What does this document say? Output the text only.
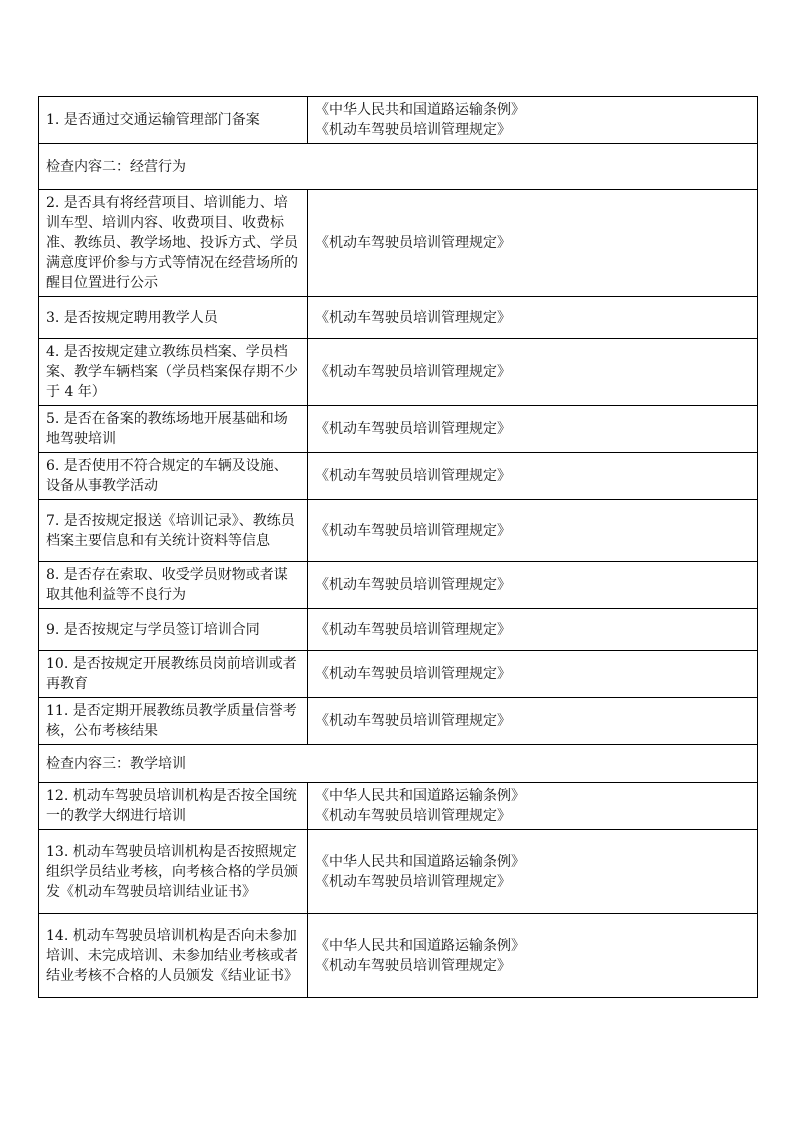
1. 是否通过交通运输管理部门备案	《中华人民共和国道路运输条例》
《机动车驾驶员培训管理规定》
检查内容二：经营行为	
2. 是否具有将经营项目、培训能力、培训车型、培训内容、收费项目、收费标准、教练员、教学场地、投诉方式、学员满意度评价参与方式等情况在经营场所的醒目位置进行公示	《机动车驾驶员培训管理规定》
3. 是否按规定聘用教学人员	《机动车驾驶员培训管理规定》
4. 是否按规定建立教练员档案、学员档案、教学车辆档案（学员档案保存期不少于 4 年）	《机动车驾驶员培训管理规定》
5. 是否在备案的教练场地开展基础和场地驾驶培训	《机动车驾驶员培训管理规定》
6. 是否使用不符合规定的车辆及设施、设备从事教学活动	《机动车驾驶员培训管理规定》
7. 是否按规定报送《培训记录》、教练员档案主要信息和有关统计资料等信息	《机动车驾驶员培训管理规定》
8. 是否存在索取、收受学员财物或者谋取其他利益等不良行为	《机动车驾驶员培训管理规定》
9. 是否按规定与学员签订培训合同	《机动车驾驶员培训管理规定》
10. 是否按规定开展教练员岗前培训或者再教育	《机动车驾驶员培训管理规定》
11. 是否定期开展教练员教学质量信誉考核，公布考核结果	《机动车驾驶员培训管理规定》
检查内容三：教学培训	
12. 机动车驾驶员培训机构是否按全国统一的教学大纲进行培训	《中华人民共和国道路运输条例》
《机动车驾驶员培训管理规定》
13. 机动车驾驶员培训机构是否按照规定组织学员结业考核，向考核合格的学员颁发《机动车驾驶员培训结业证书》	《中华人民共和国道路运输条例》
《机动车驾驶员培训管理规定》
14. 机动车驾驶员培训机构是否向未参加培训、未完成培训、未参加结业考核或者结业考核不合格的人员颁发《结业证书》	《中华人民共和国道路运输条例》
《机动车驾驶员培训管理规定》
